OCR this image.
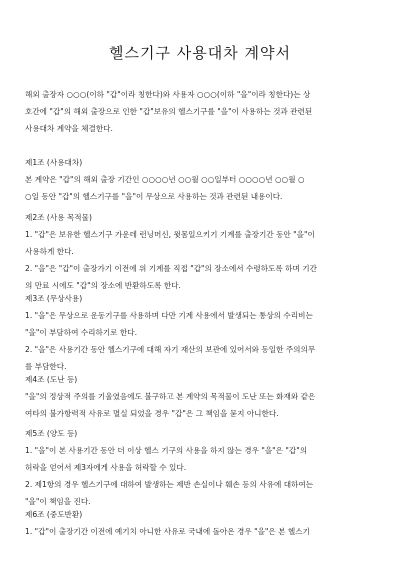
헬스기구 사용대차 계약서

해외 출장자 ○○○(이하 "갑"이라 칭한다)와 사용자 ○○○(이하 "을"이라 칭한다)는 상
호간에 "갑"의 해외 출장으로 인한 "갑"보유의 헬스기구를 "을"이 사용하는 것과 관련된
사용대차 계약을 체결한다.

제1조 (사용대차)
본 계약은 "갑"의 해외 출장 기간인 ○○○○년 ○○월 ○○일부터 ○○○○년 ○○월 ○
○일 동안 "갑"의 헬스기구를 "을"이 무상으로 사용하는 것과 관련된 내용이다.

제2조 (사용 목적물)
1. "갑"은 보유한 헬스기구 가운데 런닝머신, 윗몸일으키기 기계를 출장기간 동안 "을"이
사용하게 한다.
2. "을"은 "갑"이 출장가기 이전에 위 기계를 직접 "갑"의 장소에서 수령하도록 하며 기간
의 만료 시에도 "갑"의 장소에 반환하도록 한다.

제3조 (무상사용)
1. "을"은 무상으로 운동기구를 사용하며 다만 기계 사용에서 발생되는 통상의 수리비는
"을"이 부담하여 수리하기로 한다.
2. "을"은 사용기간 동안 헬스기구에 대해 자기 재산의 보관에 있어서와 동일한 주의의무
를 부담한다.

제4조 (도난 등)
"을"의 정상적 주의를 기울였음에도 불구하고 본 계약의 목적물이 도난 또는 화재와 같은
여타의 불가항력적 사유로 멸실 되었을 경우 "갑"은 그 책임을 묻지 아니한다.

제5조 (양도 등)
1. "을"이 본 사용기간 동안 더 이상 헬스 기구의 사용을 하지 않는 경우 "을"은 "갑"의
허락을 얻어서 제3자에게 사용을 허락할 수 있다.
2. 제1항의 경우 헬스기구에 대하여 발생하는 제반 손실이나 훼손 등의 사유에 대하여는
"을"이 책임을 진다.

제6조 (중도반환)
1. "갑"이 출장기간 이전에 예기치 아니한 사유로 국내에 돌아온 경우 "을"은 본 헬스기
